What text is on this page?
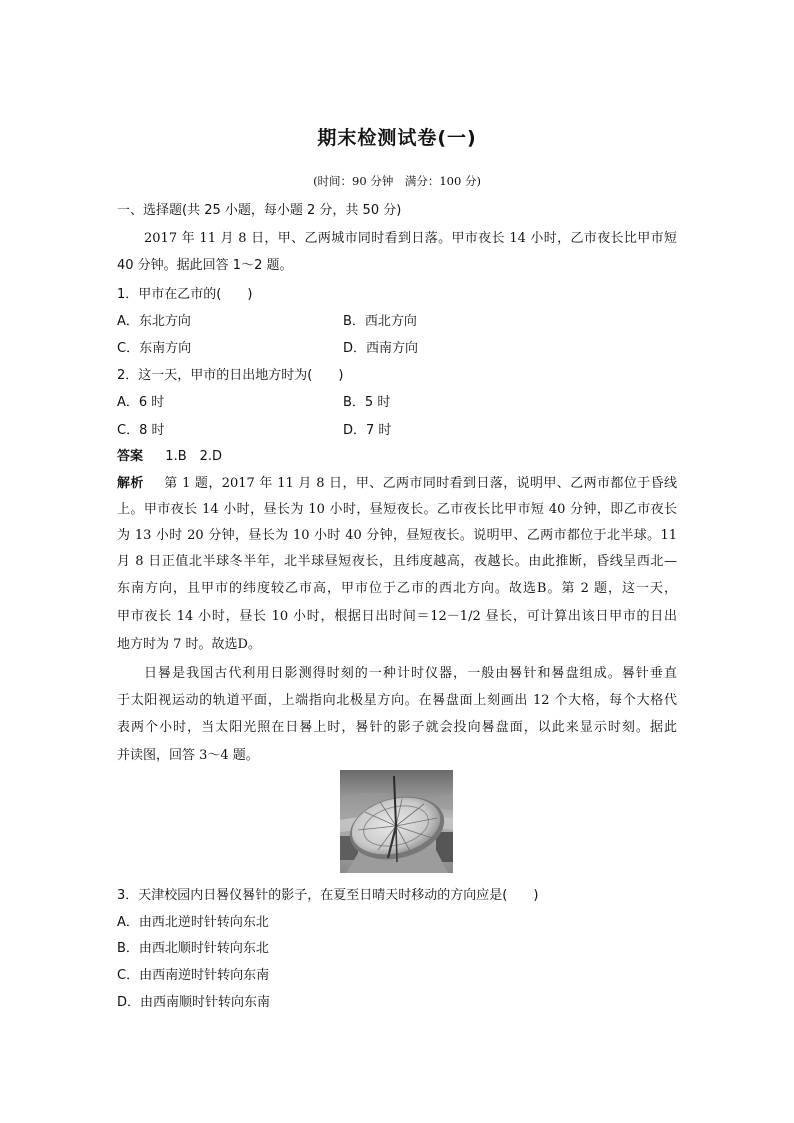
期末检测试卷(一)
(时间：90 分钟　满分：100 分)
一、选择题(共 25 小题，每小题 2 分，共 50 分)
2017 年 11 月 8 日，甲、乙两城市同时看到日落。甲市夜长 14 小时，乙市夜长比甲市短
40 分钟。据此回答 1～2 题。
1．甲市在乙市的(　　)
A．东北方向	B．西北方向
C．东南方向	D．西南方向
2．这一天，甲市的日出地方时为(　　)
A．6 时	B．5 时
C．8 时	D．7 时
答案 1.B　2.D
解析 第 1 题，2017 年 11 月 8 日，甲、乙两市同时看到日落，说明甲、乙两市都位于昏线
上。甲市夜长 14 小时，昼长为 10 小时，昼短夜长。乙市夜长比甲市短 40 分钟，即乙市夜长
为 13 小时 20 分钟，昼长为 10 小时 40 分钟，昼短夜长。说明甲、乙两市都位于北半球。11
月 8 日正值北半球冬半年，北半球昼短夜长，且纬度越高，夜越长。由此推断，昏线呈西北—
东南方向，且甲市的纬度较乙市高，甲市位于乙市的西北方向。故选B。第 2 题，这一天，
甲市夜长 14 小时，昼长 10 小时，根据日出时间＝12－1/2 昼长，可计算出该日甲市的日出
地方时为 7 时。故选D。
日晷是我国古代利用日影测得时刻的一种计时仪器，一般由晷针和晷盘组成。晷针垂直
于太阳视运动的轨道平面，上端指向北极星方向。在晷盘面上刻画出 12 个大格，每个大格代
表两个小时，当太阳光照在日晷上时，晷针的影子就会投向晷盘面，以此来显示时刻。据此
并读图，回答 3～4 题。
3．天津校园内日晷仪晷针的影子，在夏至日晴天时移动的方向应是(　　)
A．由西北逆时针转向东北
B．由西北顺时针转向东北
C．由西南逆时针转向东南
D．由西南顺时针转向东南
